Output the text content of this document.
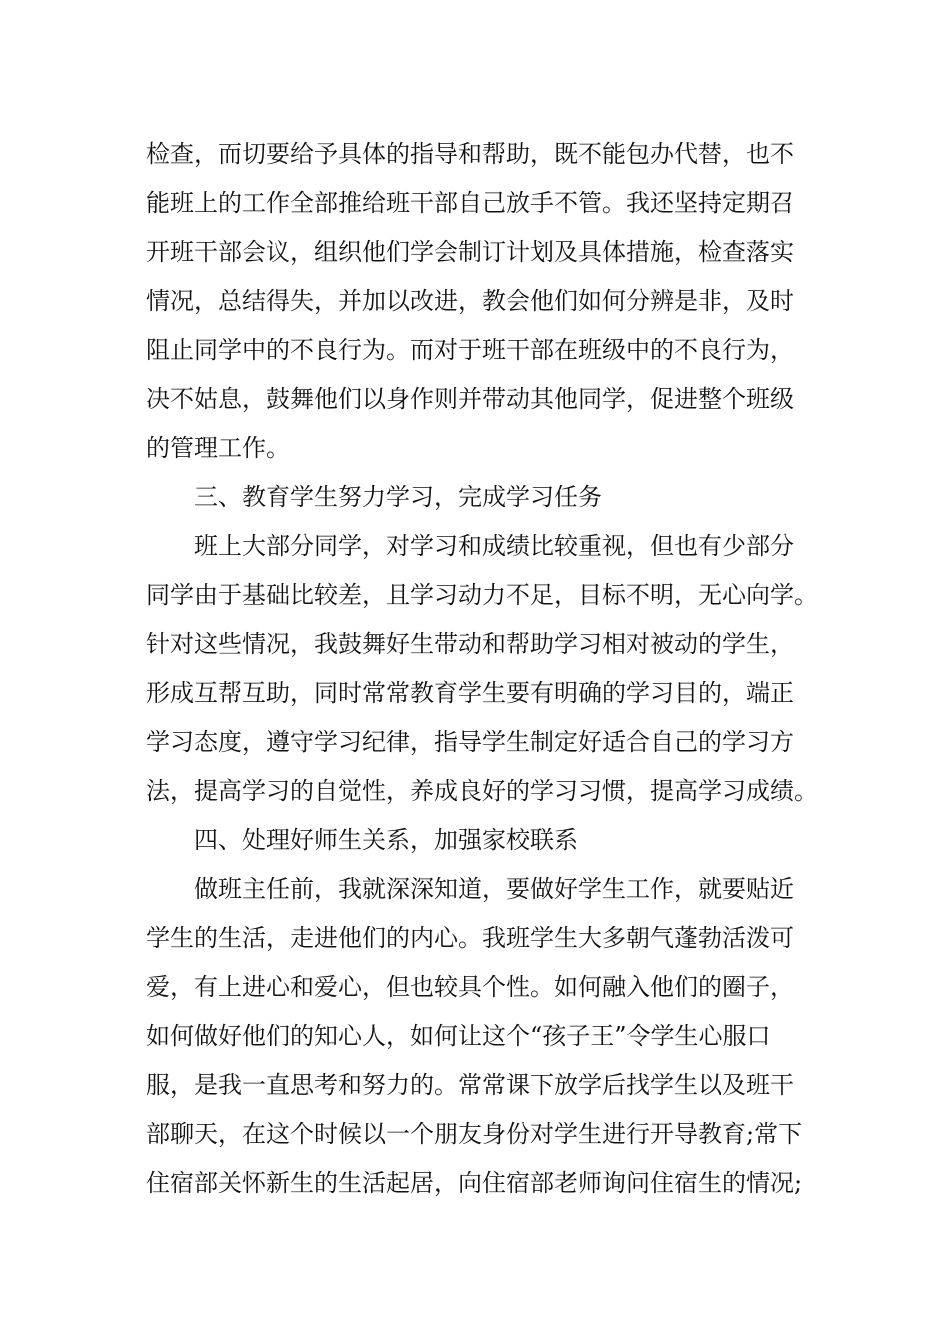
检查，而切要给予具体的指导和帮助，既不能包办代替，也不
能班上的工作全部推给班干部自己放手不管。我还坚持定期召
开班干部会议，组织他们学会制订计划及具体措施，检查落实
情况，总结得失，并加以改进，教会他们如何分辨是非，及时
阻止同学中的不良行为。而对于班干部在班级中的不良行为，
决不姑息，鼓舞他们以身作则并带动其他同学，促进整个班级
的管理工作。
三、教育学生努力学习，完成学习任务
班上大部分同学，对学习和成绩比较重视，但也有少部分
同学由于基础比较差，且学习动力不足，目标不明，无心向学。
针对这些情况，我鼓舞好生带动和帮助学习相对被动的学生，
形成互帮互助，同时常常教育学生要有明确的学习目的，端正
学习态度，遵守学习纪律，指导学生制定好适合自己的学习方
法，提高学习的自觉性，养成良好的学习习惯，提高学习成绩。
四、处理好师生关系，加强家校联系
做班主任前，我就深深知道，要做好学生工作，就要贴近
学生的生活，走进他们的内心。我班学生大多朝气蓬勃活泼可
爱，有上进心和爱心，但也较具个性。如何融入他们的圈子，
如何做好他们的知心人，如何让这个“孩子王”令学生心服口
服，是我一直思考和努力的。常常课下放学后找学生以及班干
部聊天，在这个时候以一个朋友身份对学生进行开导教育;常下
住宿部关怀新生的生活起居，向住宿部老师询问住宿生的情况;
